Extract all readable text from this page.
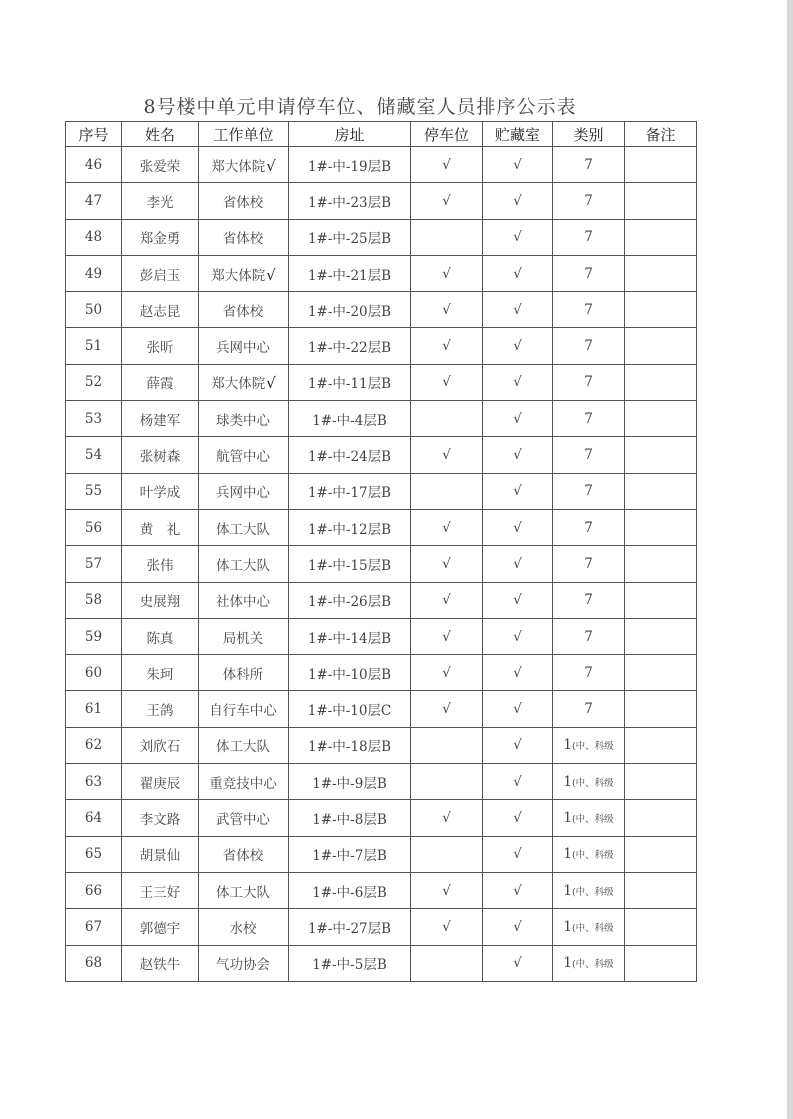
8号楼中单元申请停车位、储藏室人员排序公示表
序号	姓名	工作单位	房址	停车位	贮藏室	类别	备注
46	张爱荣	郑大体院√	1#-中-19层B	√	√	7	
47	李光	省体校	1#-中-23层B	√	√	7	
48	郑金勇	省体校	1#-中-25层B		√	7	
49	彭启玉	郑大体院√	1#-中-21层B	√	√	7	
50	赵志昆	省体校	1#-中-20层B	√	√	7	
51	张昕	兵网中心	1#-中-22层B	√	√	7	
52	薛霞	郑大体院√	1#-中-11层B	√	√	7	
53	杨建军	球类中心	1#-中-4层B		√	7	
54	张树森	航管中心	1#-中-24层B	√	√	7	
55	叶学成	兵网中心	1#-中-17层B		√	7	
56	黄　礼	体工大队	1#-中-12层B	√	√	7	
57	张伟	体工大队	1#-中-15层B	√	√	7	
58	史展翔	社体中心	1#-中-26层B	√	√	7	
59	陈真	局机关	1#-中-14层B	√	√	7	
60	朱珂	体科所	1#-中-10层B	√	√	7	
61	王鸽	自行车中心	1#-中-10层C	√	√	7	
62	刘欣石	体工大队	1#-中-18层B		√	1(中、科级	
63	翟庚辰	重竞技中心	1#-中-9层B		√	1(中、科级	
64	李文路	武管中心	1#-中-8层B	√	√	1(中、科级	
65	胡景仙	省体校	1#-中-7层B		√	1(中、科级	
66	王三好	体工大队	1#-中-6层B	√	√	1(中、科级	
67	郭德宇	水校	1#-中-27层B	√	√	1(中、科级	
68	赵铁牛	气功协会	1#-中-5层B		√	1(中、科级	
